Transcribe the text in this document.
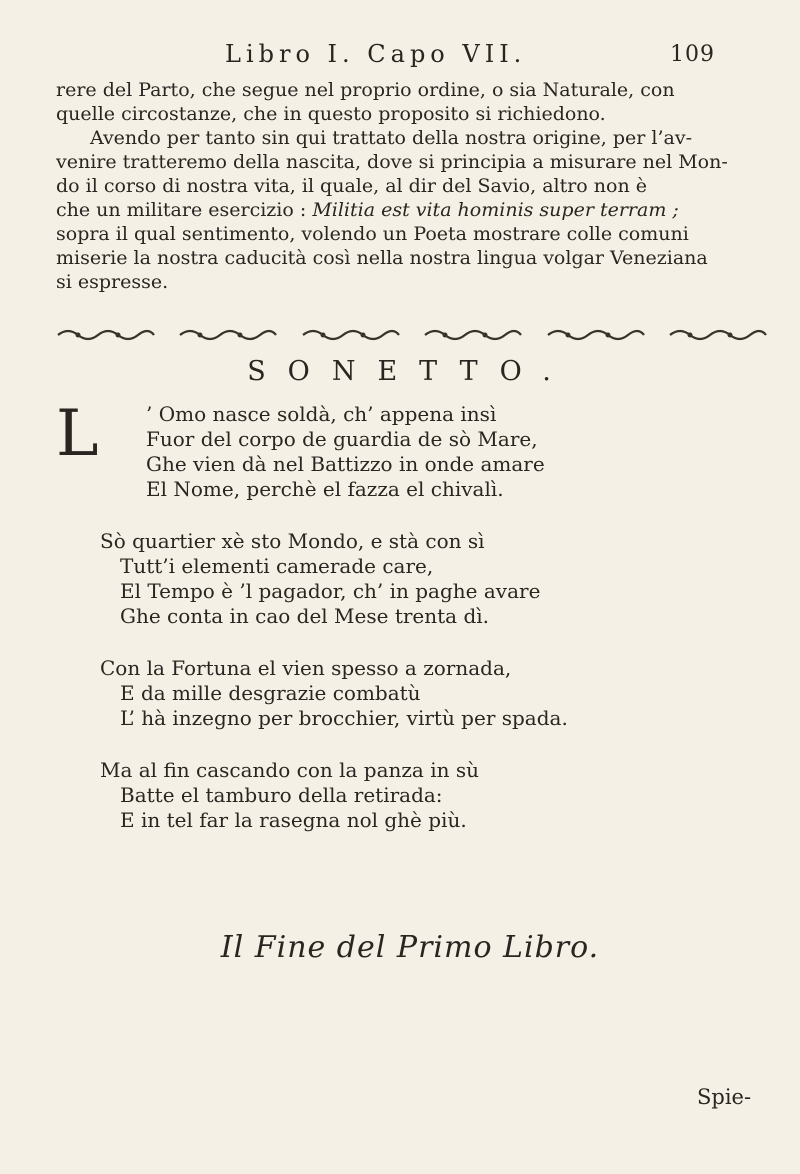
Libro I. Capo VII.	109

rere del Parto, che segue nel proprio ordine, o sia Naturale, con

quelle circostanze, che in questo proposito si richiedono.

Avendo per tanto sin qui trattato della nostra origine, per l’av-

venire tratteremo della nascita, dove si principia a misurare nel Mon-

do il corso di nostra vita, il quale, al dir del Savio, altro non è

che un militare esercizio : Militia est vita hominis super terram ;

sopra il qual sentimento, volendo un Poeta mostrare colle comuni

miserie la nostra caducità così nella nostra lingua volgar Veneziana

si espresse.

SONETTO.
L ’ Omo nasce soldà, ch’ appena insì
Fuor del corpo de guardia de sò Mare,
Ghe vien dà nel Battizzo in onde amare
El Nome, perchè el fazza el chivalì.
Sò quartier xè sto Mondo, e stà con sì
Tutt’i elementi camerade care,
El Tempo è ’l pagador, ch’ in paghe avare
Ghe conta in cao del Mese trenta dì.
Con la Fortuna el vien spesso a zornada,
E da mille desgrazie combatù
L’ hà inzegno per brocchier, virtù per spada.
Ma al fin cascando con la panza in sù
Batte el tamburo della retirada:
E in tel far la rasegna nol ghè più.
Il Fine del Primo Libro.
Spie-
